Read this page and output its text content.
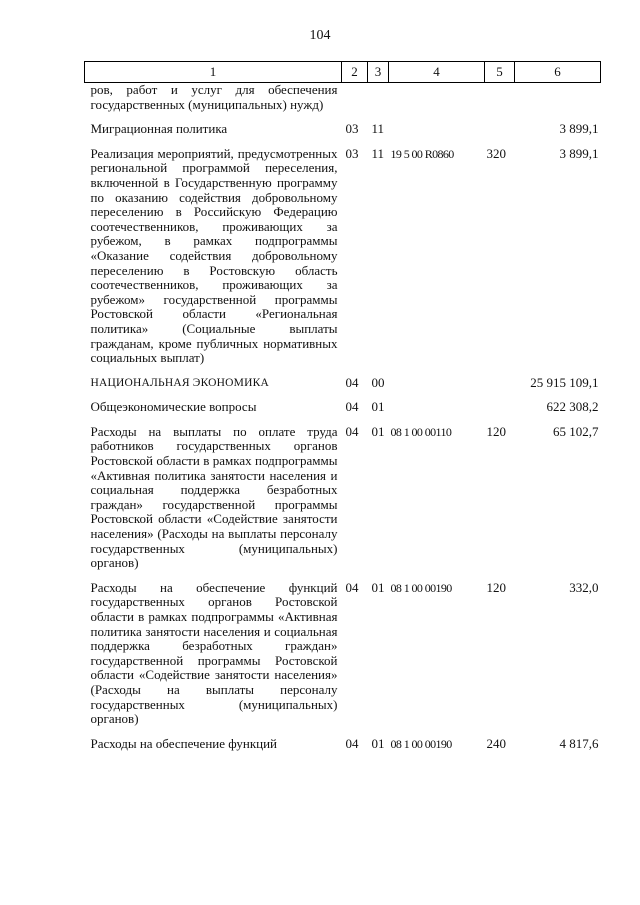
104
1	2	3	4	5	6
ров, работ и услуг для обеспечения государственных (муниципальных) нужд)					
Миграционная политика	03	11			3 899,1
Реализация мероприятий, предусмотренных региональной программой переселения, включенной в Государственную программу по оказанию содействия добровольному переселению в Российскую Федерацию соотечественников, проживающих за рубежом, в рамках подпрограммы «Оказание содействия добровольному переселению в Ростовскую область соотечественников, проживающих за рубежом» государственной программы Ростовской области «Региональная политика» (Социальные выплаты гражданам, кроме публичных нормативных социальных выплат)	03	11	19 5 00 R0860	320	3 899,1
НАЦИОНАЛЬНАЯ ЭКОНОМИКА	04	00			25 915 109,1
Общеэкономические вопросы	04	01			622 308,2
Расходы на выплаты по оплате труда работников государственных органов Ростовской области в рамках подпрограммы «Активная политика занятости населения и социальная поддержка безработных граждан» государственной программы Ростовской области «Содействие занятости населения» (Расходы на выплаты персоналу государственных (муниципальных) органов)	04	01	08 1 00 00110	120	65 102,7
Расходы на обеспечение функций государственных органов Ростовской области в рамках подпрограммы «Активная политика занятости населения и социальная поддержка безработных граждан» государственной программы Ростовской области «Содействие занятости населения» (Расходы на выплаты персоналу государственных (муниципальных) органов)	04	01	08 1 00 00190	120	332,0
Расходы на обеспечение функций	04	01	08 1 00 00190	240	4 817,6
